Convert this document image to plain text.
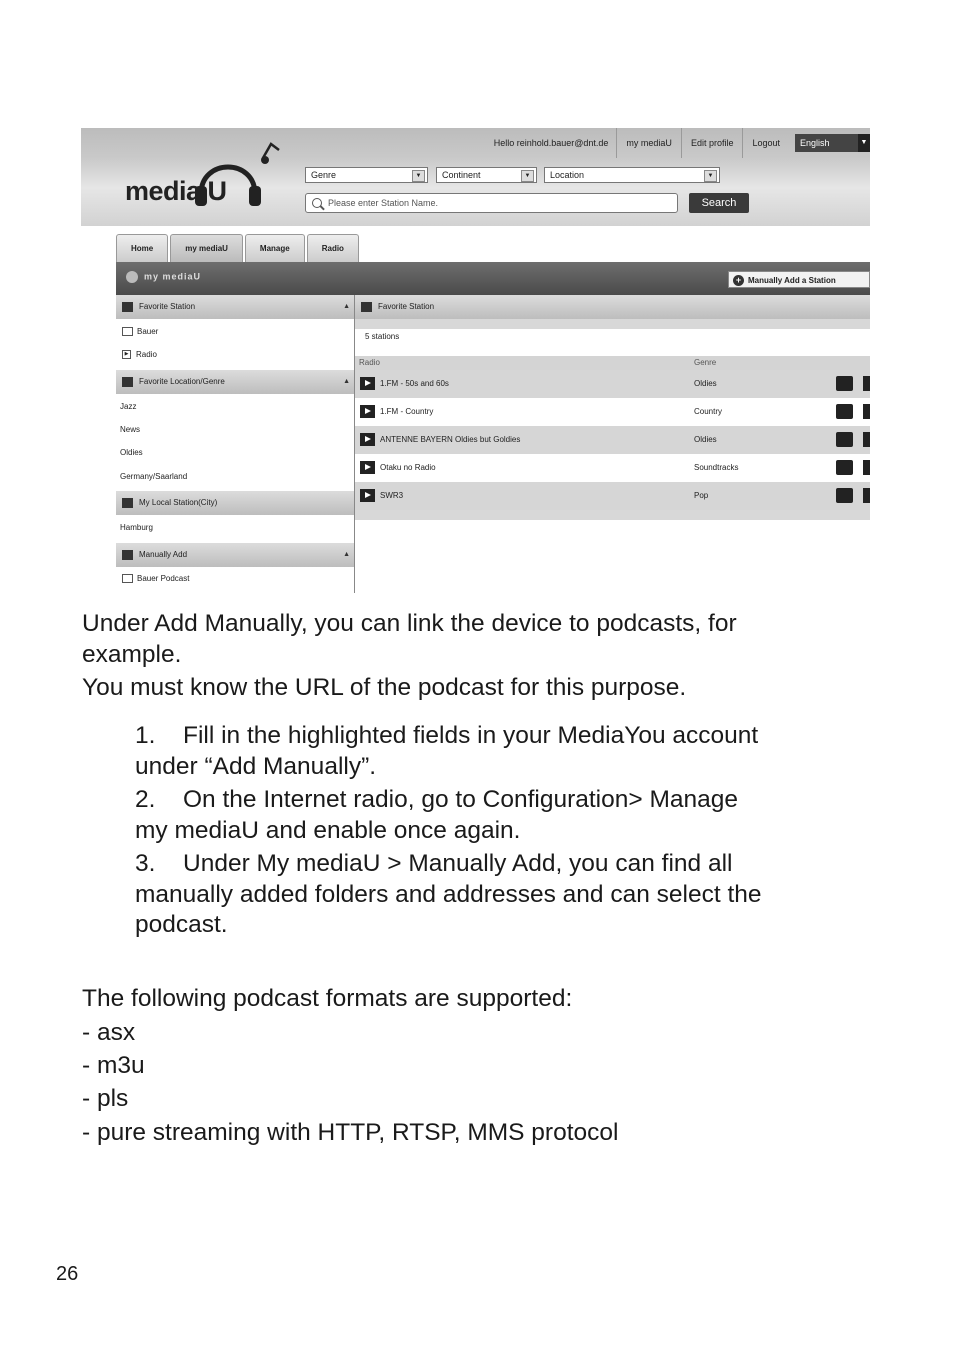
Hello reinhold.bauer@dnt.de	my mediaU	Edit profile	Logout	English	▼
media U
Genre	▼	Continent	▼	Location	▼
Please enter Station Name.	Search
Home	my mediaU	Manage	Radio
my mediaU	+ Manually Add a Station
Favorite Station	▲
Bauer
▶ Radio
Favorite Location/Genre	▲
Jazz
News
Oldies
Germany/Saarland
My Local Station(City)
Hamburg
Manually Add	▲
Bauer Podcast
Favorite Station
5 stations
Radio	Genre
1.FM - 50s and 60s	Oldies
1.FM - Country	Country
ANTENNE BAYERN Oldies but Goldies	Oldies
Otaku no Radio	Soundtracks
SWR3	Pop
Under Add Manually, you can link the device to podcasts, for
example.
You must know the URL of the podcast for this purpose.
1. Fill in the highlighted fields in your MediaYou account
under “Add Manually”.
2. On the Internet radio, go to Configuration> Manage
my mediaU and enable once again.
3. Under My mediaU > Manually Add, you can find all
manually added folders and addresses and can select the
podcast.
The following podcast formats are supported:
- asx
- m3u
- pls
- pure streaming with HTTP, RTSP, MMS protocol
26
